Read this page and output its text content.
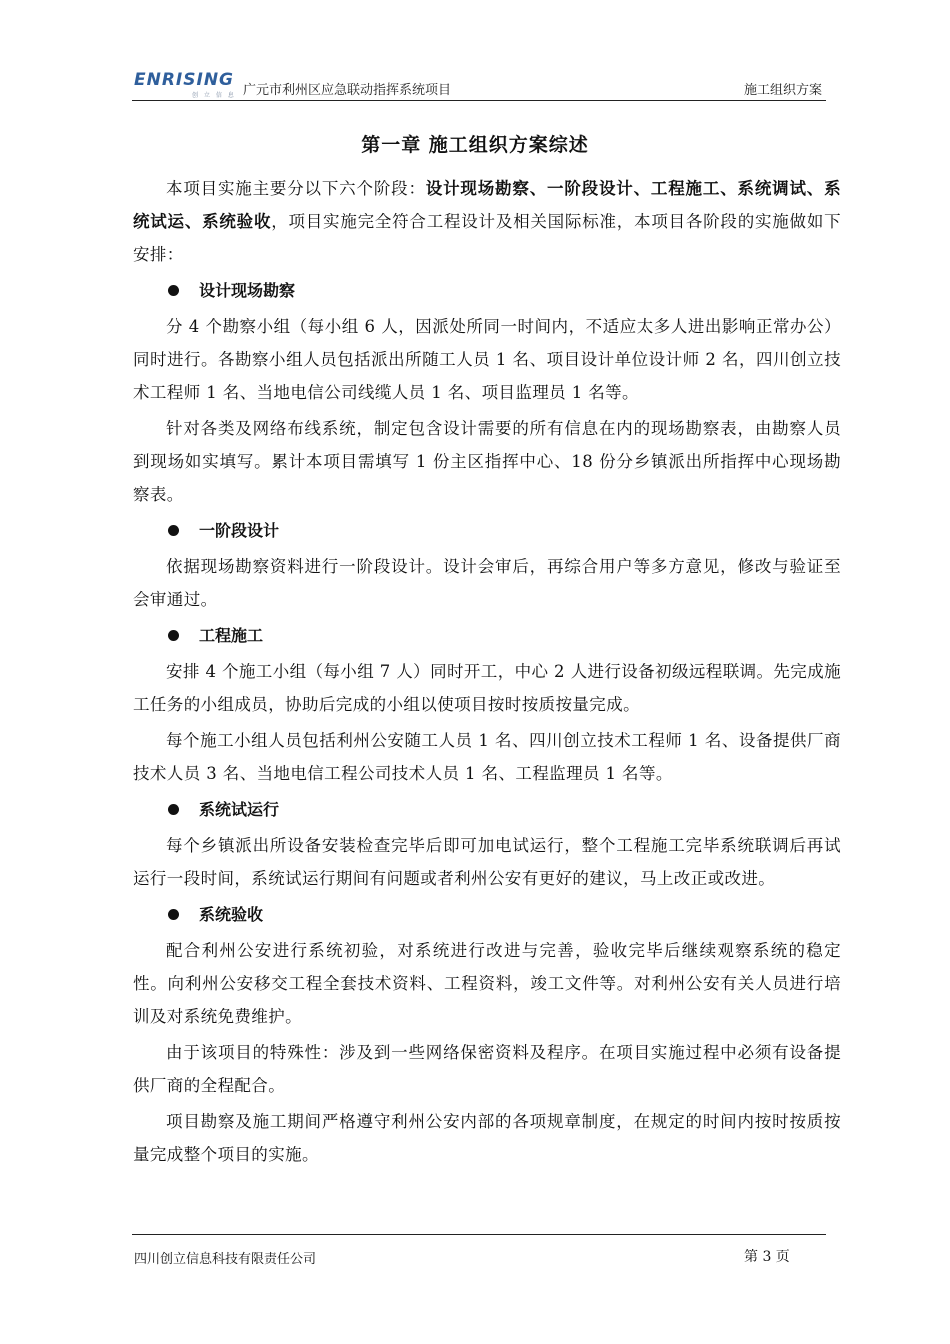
ENRISING
创 立 信 息 广元市利州区应急联动指挥系统项目	施工组织方案
第一章 施工组织方案综述

本项目实施主要分以下六个阶段：设计现场勘察、一阶段设计、工程施工、系统调试、系统试运、系统验收，项目实施完全符合工程设计及相关国际标准，本项目各阶段的实施做如下安排：

设计现场勘察

分 4 个勘察小组（每小组 6 人，因派处所同一时间内，不适应太多人进出影响正常办公）同时进行。各勘察小组人员包括派出所随工人员 1 名、项目设计单位设计师 2 名，四川创立技术工程师 1 名、当地电信公司线缆人员 1 名、项目监理员 1 名等。

针对各类及网络布线系统，制定包含设计需要的所有信息在内的现场勘察表，由勘察人员到现场如实填写。累计本项目需填写 1 份主区指挥中心、18 份分乡镇派出所指挥中心现场勘察表。

一阶段设计

依据现场勘察资料进行一阶段设计。设计会审后，再综合用户等多方意见，修改与验证至会审通过。

工程施工

安排 4 个施工小组（每小组 7 人）同时开工，中心 2 人进行设备初级远程联调。先完成施工任务的小组成员，协助后完成的小组以使项目按时按质按量完成。

每个施工小组人员包括利州公安随工人员 1 名、四川创立技术工程师 1 名、设备提供厂商技术人员 3 名、当地电信工程公司技术人员 1 名、工程监理员 1 名等。

系统试运行

每个乡镇派出所设备安装检查完毕后即可加电试运行，整个工程施工完毕系统联调后再试运行一段时间，系统试运行期间有问题或者利州公安有更好的建议，马上改正或改进。

系统验收

配合利州公安进行系统初验，对系统进行改进与完善，验收完毕后继续观察系统的稳定性。向利州公安移交工程全套技术资料、工程资料，竣工文件等。对利州公安有关人员进行培训及对系统免费维护。

由于该项目的特殊性：涉及到一些网络保密资料及程序。在项目实施过程中必须有设备提供厂商的全程配合。

项目勘察及施工期间严格遵守利州公安内部的各项规章制度，在规定的时间内按时按质按量完成整个项目的实施。

四川创立信息科技有限责任公司	第 3 页
